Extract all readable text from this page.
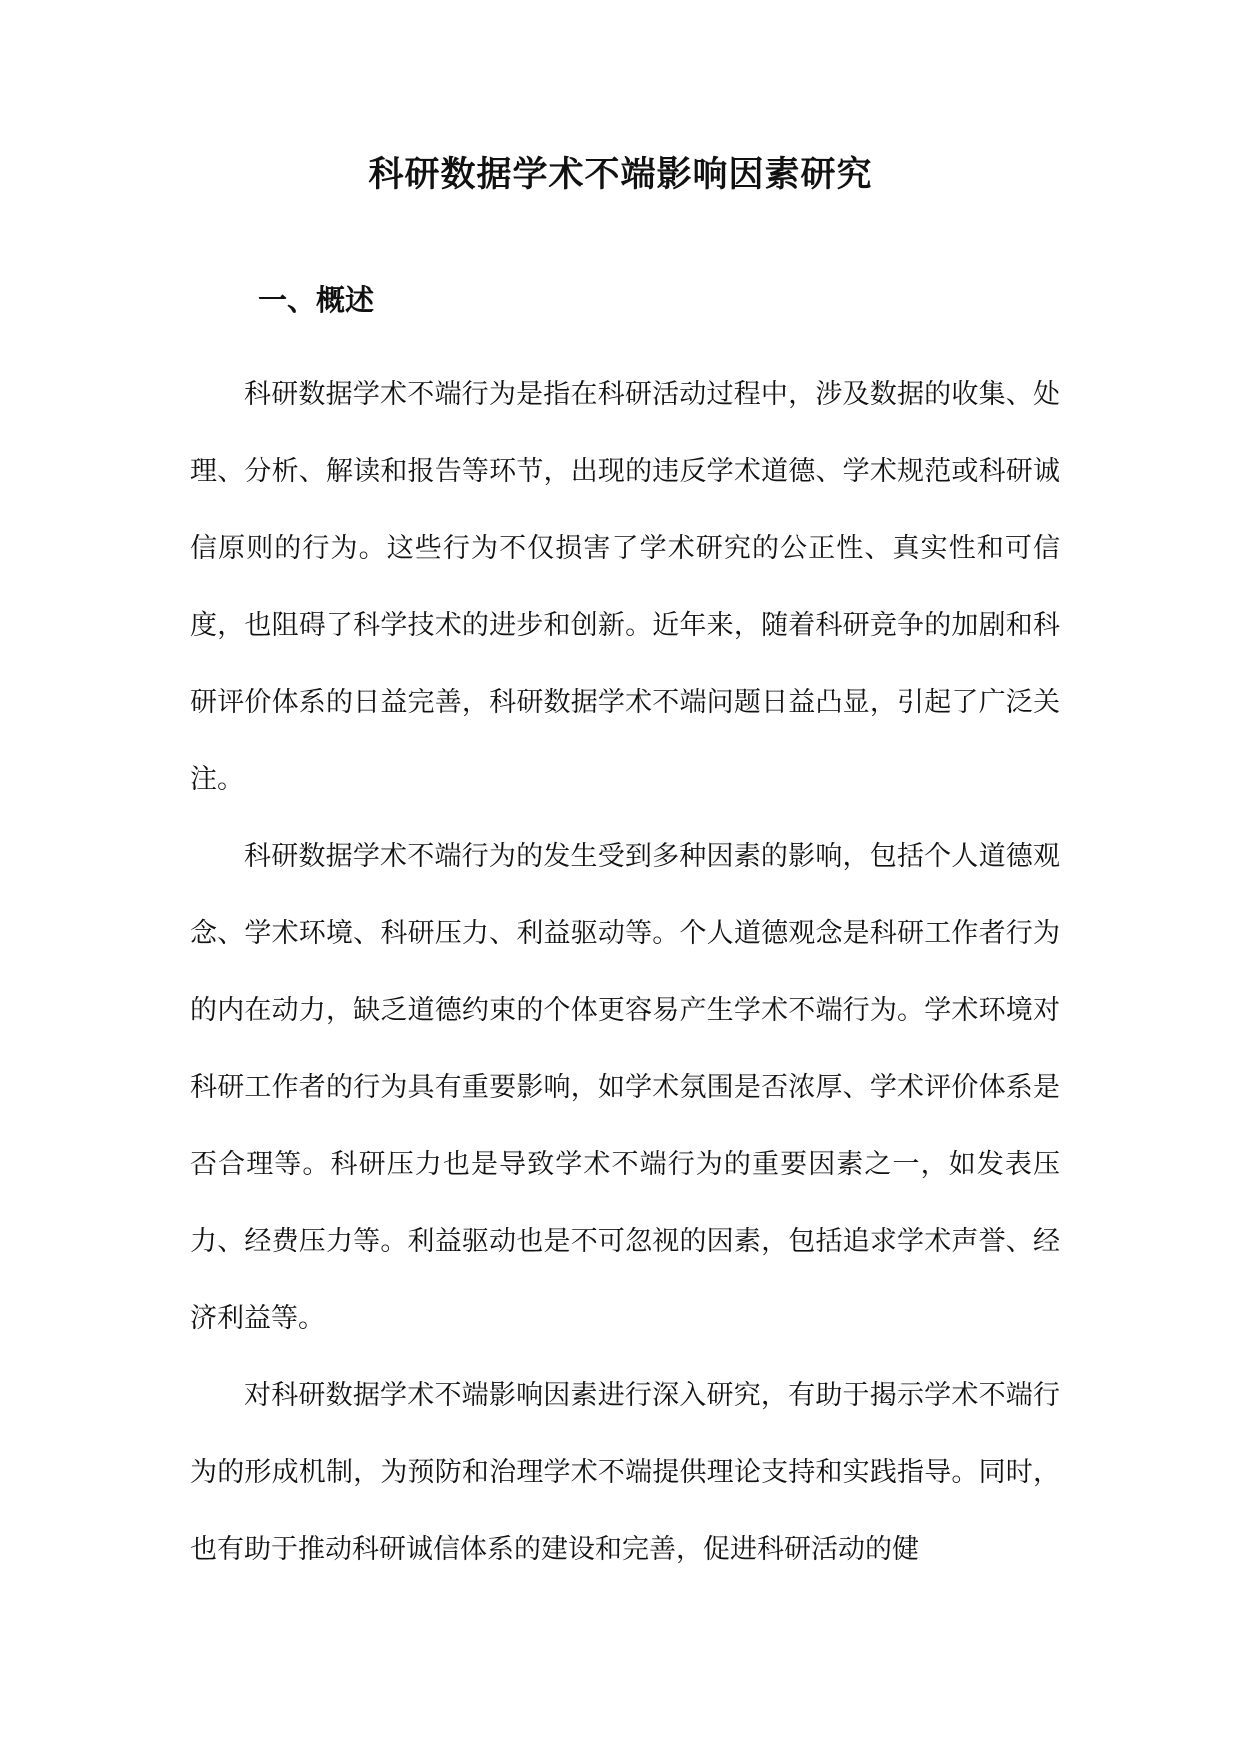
科研数据学术不端影响因素研究
一、概述

科研数据学术不端行为是指在科研活动过程中，涉及数据的收集、处理、分析、解读和报告等环节，出现的违反学术道德、学术规范或科研诚信原则的行为。这些行为不仅损害了学术研究的公正性、真实性和可信度，也阻碍了科学技术的进步和创新。近年来，随着科研竞争的加剧和科研评价体系的日益完善，科研数据学术不端问题日益凸显，引起了广泛关注。

科研数据学术不端行为的发生受到多种因素的影响，包括个人道德观念、学术环境、科研压力、利益驱动等。个人道德观念是科研工作者行为的内在动力，缺乏道德约束的个体更容易产生学术不端行为。学术环境对科研工作者的行为具有重要影响，如学术氛围是否浓厚、学术评价体系是否合理等。科研压力也是导致学术不端行为的重要因素之一，如发表压力、经费压力等。利益驱动也是不可忽视的因素，包括追求学术声誉、经济利益等。

对科研数据学术不端影响因素进行深入研究，有助于揭示学术不端行为的形成机制，为预防和治理学术不端提供理论支持和实践指导。同时，也有助于推动科研诚信体系的建设和完善，促进科研活动的健
